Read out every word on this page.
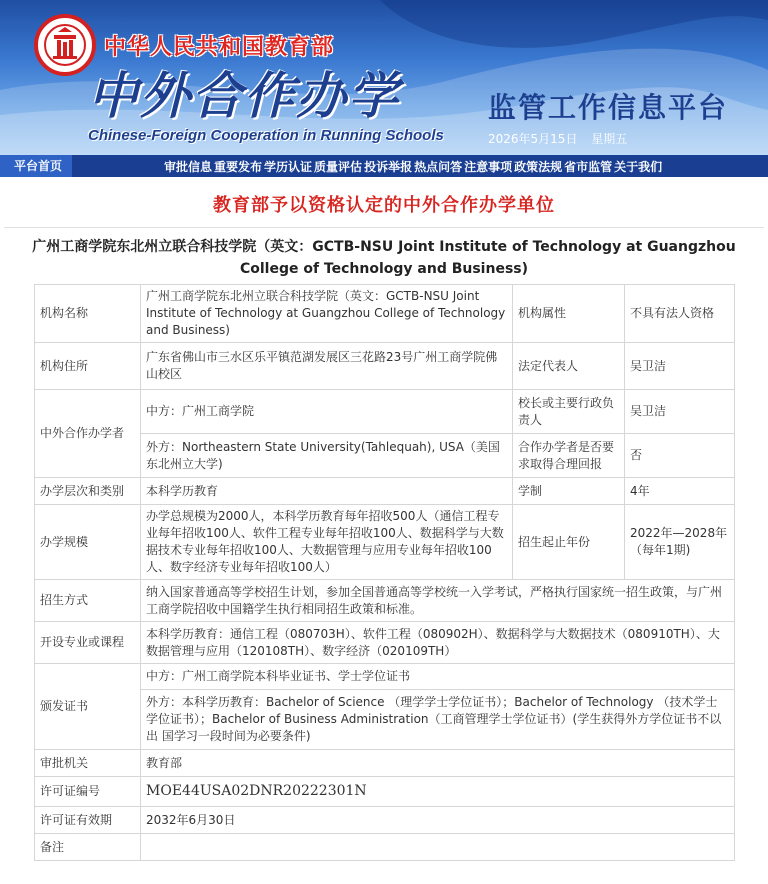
中华人民共和国教育部
中外合作办学
Chinese-Foreign Cooperation in Running Schools
监管工作信息平台
2026年5月15日 星期五
平台首页	审批信息 重要发布 学历认证 质量评估 投诉举报 热点问答 注意事项 政策法规 省市监管 关于我们
教育部予以资格认定的中外合作办学单位
广州工商学院东北州立联合科技学院（英文：GCTB-NSU Joint Institute of Technology at Guangzhou College of Technology and Business)
机构名称	广州工商学院东北州立联合科技学院（英文：GCTB-NSU Joint Institute of Technology at Guangzhou College of Technology and Business)	机构属性	不具有法人资格
机构住所	广东省佛山市三水区乐平镇范湖发展区三花路23号广州工商学院佛山校区	法定代表人	吴卫洁
中外合作办学者	中方：广州工商学院	校长或主要行政负责人	吴卫洁
	外方：Northeastern State University(Tahlequah), USA（美国东北州立大学)	合作办学者是否要求取得合理回报	否
办学层次和类别	本科学历教育	学制	4年
办学规模	办学总规模为2000人，本科学历教育每年招收500人（通信工程专业每年招收100人、软件工程专业每年招收100人、数据科学与大数据技术专业每年招收100人、大数据管理与应用专业每年招收100人、数字经济专业每年招收100人）	招生起止年份	2022年—2028年（每年1期)
招生方式	纳入国家普通高等学校招生计划，参加全国普通高等学校统一入学考试，严格执行国家统一招生政策，与广州工商学院招收中国籍学生执行相同招生政策和标准。		
开设专业或课程	本科学历教育：通信工程（080703H）、软件工程（080902H）、数据科学与大数据技术（080910TH）、大数据管理与应用（120108TH）、数字经济（020109TH）		
颁发证书	中方：广州工商学院本科毕业证书、学士学位证书		
	外方：本科学历教育：Bachelor of Science （理学学士学位证书）；Bachelor of Technology （技术学士学位证书）；Bachelor of Business Administration（工商管理学士学位证书）(学生获得外方学位证书不以出 国学习一段时间为必要条件)		
审批机关	教育部		
许可证编号	MOE44USA02DNR20222301N		
许可证有效期	2032年6月30日		
备注			
